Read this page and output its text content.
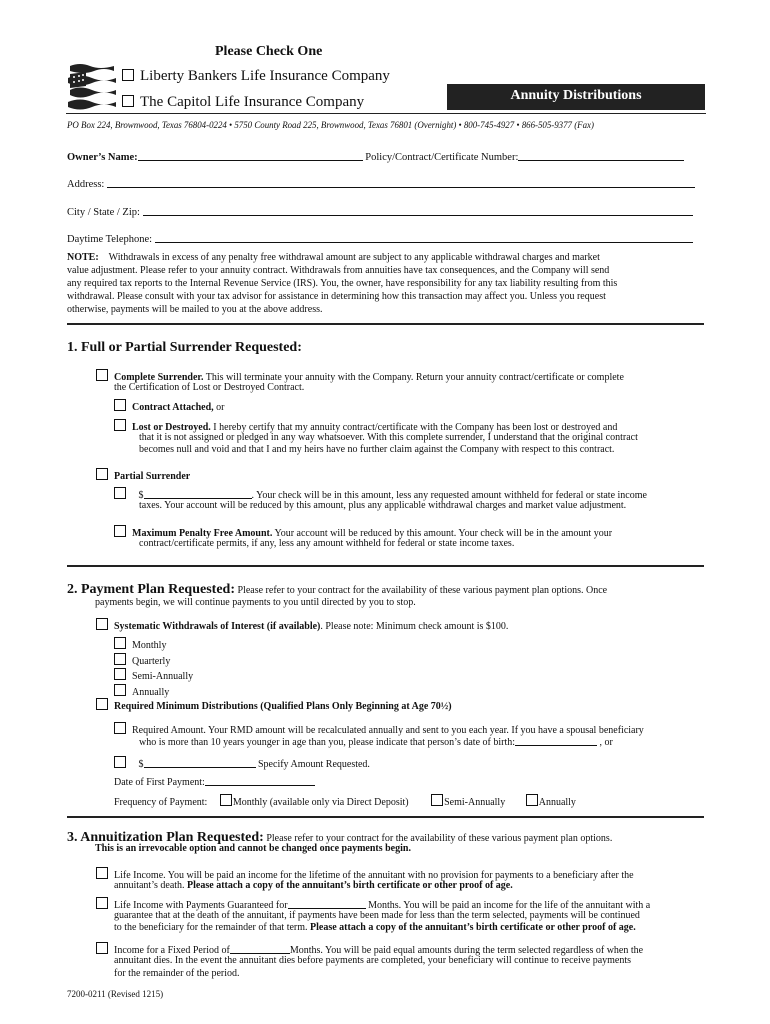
Please Check One
Liberty Bankers Life Insurance Company
The Capitol Life Insurance Company	Annuity Distributions
PO Box 224, Brownwood, Texas 76804-0224 • 5750 County Road 225, Brownwood, Texas 76801 (Overnight) • 800-745-4927 • 866-505-9377 (Fax)
Owner’s Name:	Policy/Contract/Certificate Number:
Address:
City / State / Zip:
Daytime Telephone:
NOTE: Withdrawals in excess of any penalty free withdrawal amount are subject to any applicable withdrawal charges and market
value adjustment. Please refer to your annuity contract. Withdrawals from annuities have tax consequences, and the Company will send
any required tax reports to the Internal Revenue Service (IRS). You, the owner, have responsibility for any tax liability resulting from this
withdrawal. Please consult with your tax advisor for assistance in determining how this transaction may affect you. Unless you request
otherwise, payments will be mailed to you at the above address.
1. Full or Partial Surrender Requested:
Complete Surrender. This will terminate your annuity with the Company. Return your annuity contract/certificate or complete
the Certification of Lost or Destroyed Contract.
Contract Attached, or
Lost or Destroyed. I hereby certify that my annuity contract/certificate with the Company has been lost or destroyed and
that it is not assigned or pledged in any way whatsoever. With this complete surrender, I understand that the original contract
becomes null and void and that I and my heirs have no further claim against the Company with respect to this contract.
Partial Surrender
$	. Your check will be in this amount, less any requested amount withheld for federal or state income
taxes. Your account will be reduced by this amount, plus any applicable withdrawal charges and market value adjustment.
Maximum Penalty Free Amount. Your account will be reduced by this amount. Your check will be in the amount your
contract/certificate permits, if any, less any amount withheld for federal or state income taxes.
2. Payment Plan Requested: Please refer to your contract for the availability of these various payment plan options. Once
payments begin, we will continue payments to you until directed by you to stop.
Systematic Withdrawals of Interest (if available). Please note: Minimum check amount is $100.
Monthly
Quarterly
Semi-Annually
Annually
Required Minimum Distributions (Qualified Plans Only Beginning at Age 70½)
Required Amount. Your RMD amount will be recalculated annually and sent to you each year. If you have a spousal beneficiary
who is more than 10 years younger in age than you, please indicate that person’s date of birth:	, or
$	Specify Amount Requested.
Date of First Payment:
Frequency of Payment:	Monthly (available only via Direct Deposit)	Semi-Annually	Annually
3. Annuitization Plan Requested: Please refer to your contract for the availability of these various payment plan options.
This is an irrevocable option and cannot be changed once payments begin.
Life Income. You will be paid an income for the lifetime of the annuitant with no provision for payments to a beneficiary after the
annuitant’s death. Please attach a copy of the annuitant’s birth certificate or other proof of age.
Life Income with Payments Guaranteed for	Months. You will be paid an income for the life of the annuitant with a
guarantee that at the death of the annuitant, if payments have been made for less than the term selected, payments will be continued
to the beneficiary for the remainder of that term. Please attach a copy of the annuitant’s birth certificate or other proof of age.
Income for a Fixed Period of	Months. You will be paid equal amounts during the term selected regardless of when the
annuitant dies. In the event the annuitant dies before payments are completed, your beneficiary will continue to receive payments
for the remainder of the period.
7200-0211 (Revised 1215)
